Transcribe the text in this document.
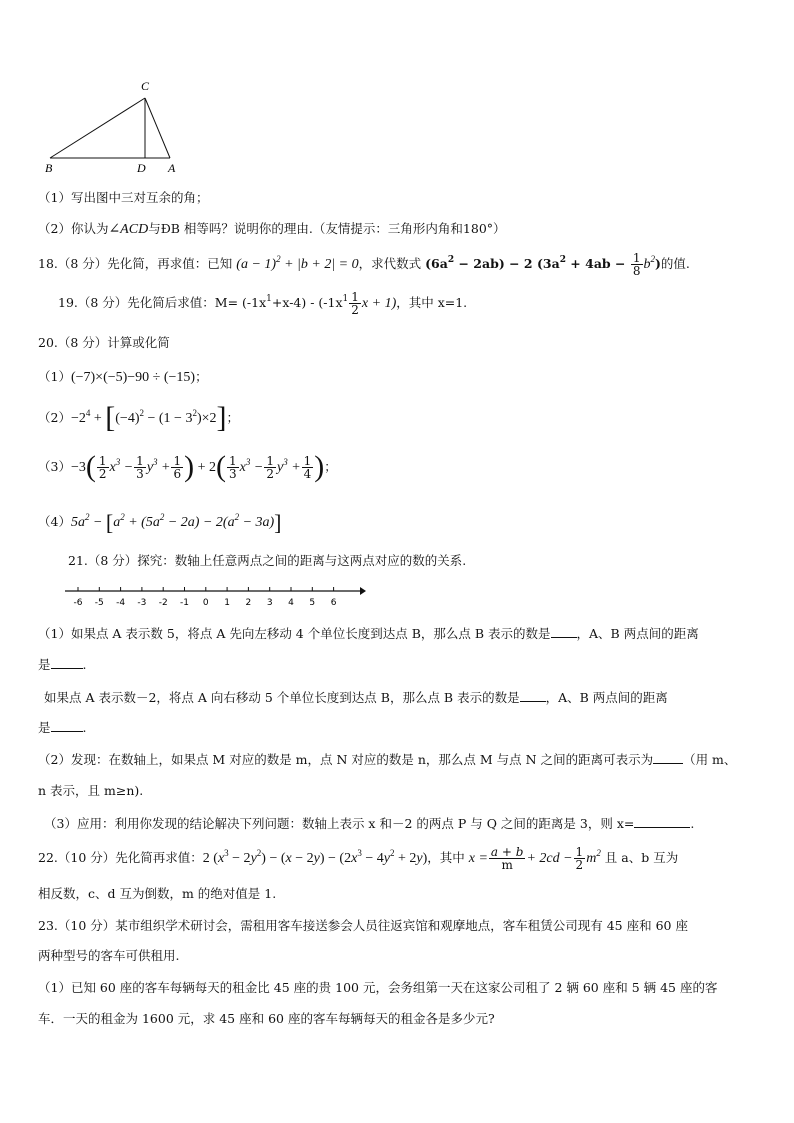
C
B	D A
（1）写出图中三对互余的角；
（2）你认为∠ACD与ÐB 相等吗？说明你的理由.（友情提示：三角形内角和180°）
18.（8 分）先化简，再求值：已知 $(a - 1)^2 + |b + 2| = 0$，求代数式 $(6a^2 - 2ab) - 2$ $(3a^2 + 4ab - \frac{1}{8} b^2)$的值.
19.（8 分）先化简后求值：$M= (-1x^1+x-4) - (-1x^1 \frac{1}{2}$ x + 1)，其中 x=1.
20.（8 分）计算或化简
（1）(−7)×(−5)−90 ÷ (−15)；
$(2)-2^4 + [(-4)^2 - (1 - 3^2)\times 2]$；
$(3)-3( \frac{1}{2} x^3 - \frac{1}{3} y^3 + \frac{1}{6}$ ) + $2( \frac{1}{3} x^3 - \frac{1}{2} y^3 + \frac{1}{4}$ )；
$(4)5a^2 - [a^2 + (5a^2 - 2a) - 2(a^2 - 3a)]$
21.（8 分）探究：数轴上任意两点之间的距离与这两点对应的数的关系.
-6 -5 -4 -3 -2 -1 0 1 2 3 4 5 6
（1）如果点 A 表示数 5，将点 A 先向左移动 4 个单位长度到达点 B，那么点 B 表示的数是 ，A、B 两点间的距离
是	.
如果点 A 表示数－2，将点 A 向右移动 5 个单位长度到达点 B，那么点 B 表示的数是 ，A、B 两点间的距离
是	.
（2）发现：在数轴上，如果点 M 对应的数是 m，点 N 对应的数是 n，那么点 M 与点 N 之间的距离可表示为 （用 m、
n 表示，且 m≥n).
（3）应用：利用你发现的结论解决下列问题：数轴上表示 x 和－2 的两点 P 与 Q 之间的距离是 3，则 x=	.
22.（10 分）先化简再求值：2 $(x^3 - 2y^2) - (x - 2y) - (2x^3 - 4y^2 + 2y)$，其中 $x = \frac{a + b}{m} + 2cd - \frac{1}{2} m^2$ 且 a、b 互为
相反数，c、d 互为倒数，m 的绝对值是 1.
23.（10 分）某市组织学术研讨会，需租用客车接送参会人员往返宾馆和观摩地点，客车租赁公司现有 45 座和 60 座
两种型号的客车可供租用.
（1）已知 60 座的客车每辆每天的租金比 45 座的贵 100 元，会务组第一天在这家公司租了 2 辆 60 座和 5 辆 45 座的客
车．一天的租金为 1600 元，求 45 座和 60 座的客车每辆每天的租金各是多少元?
